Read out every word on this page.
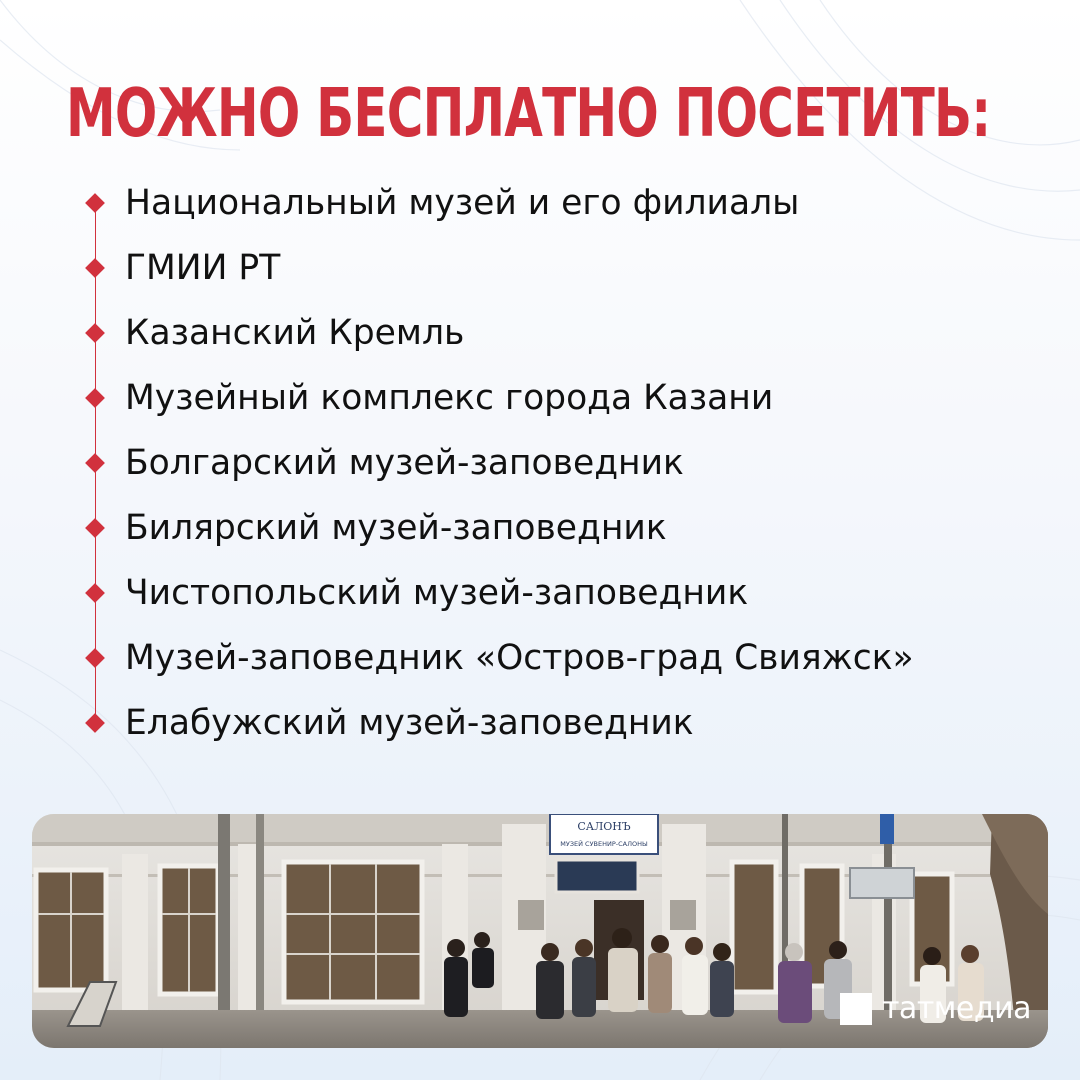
МОЖНО БЕСПЛАТНО ПОСЕТИТЬ:
Национальный музей и его филиалы
ГМИИ РТ
Казанский Кремль
Музейный комплекс города Казани
Болгарский музей-заповедник
Билярский музей-заповедник
Чистопольский музей-заповедник
Музей-заповедник «Остров-град Свияжск»
Елабужский музей-заповедник
САЛОНЪ
МУЗЕЙ СУВЕНИР-САЛОНЫ
татмедиа
